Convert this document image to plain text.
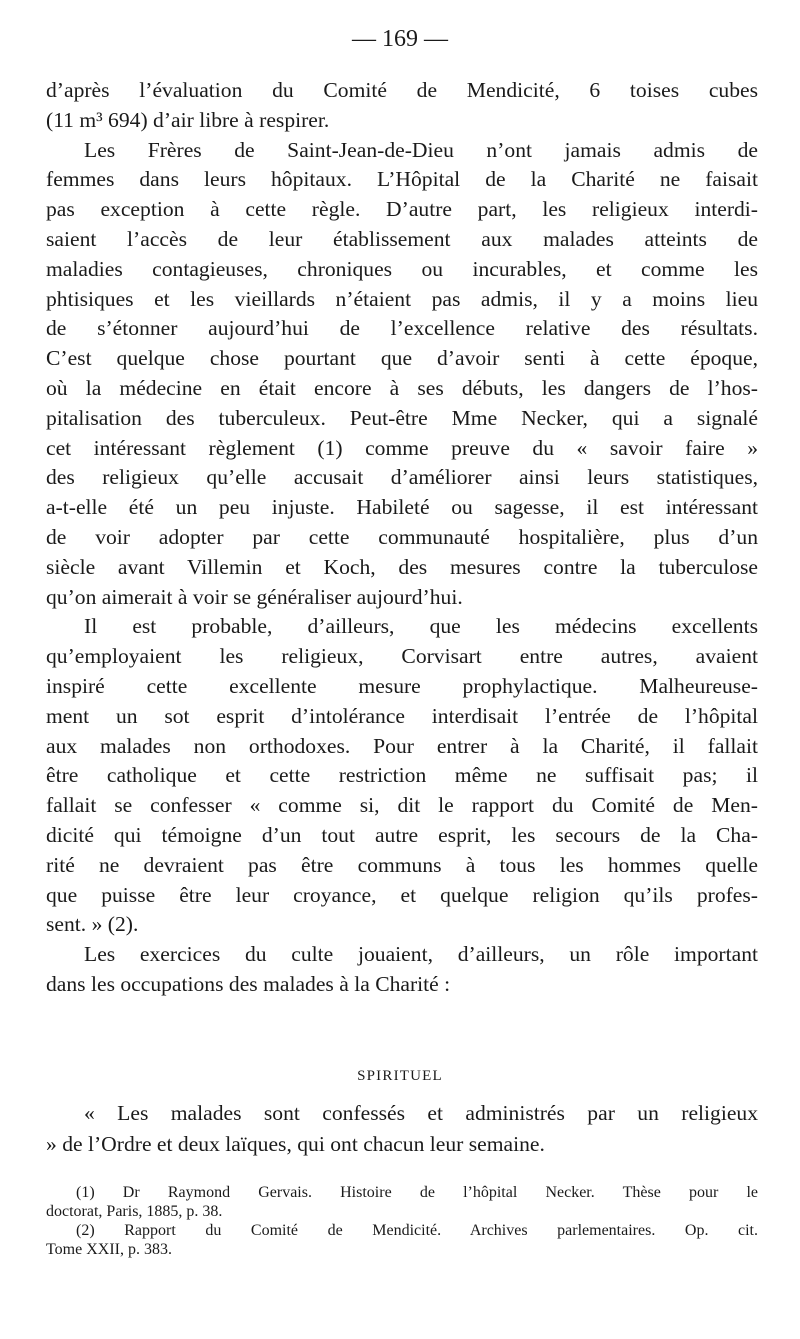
— 169 —
d’après l’évaluation du Comité de Mendicité, 6 toises cubes
(11 m³ 694) d’air libre à respirer.
Les Frères de Saint-Jean-de-Dieu n’ont jamais admis de
femmes dans leurs hôpitaux. L’Hôpital de la Charité ne faisait
pas exception à cette règle. D’autre part, les religieux interdi-
saient l’accès de leur établissement aux malades atteints de
maladies contagieuses, chroniques ou incurables, et comme les
phtisiques et les vieillards n’étaient pas admis, il y a moins lieu
de s’étonner aujourd’hui de l’excellence relative des résultats.
C’est quelque chose pourtant que d’avoir senti à cette époque,
où la médecine en était encore à ses débuts, les dangers de l’hos-
pitalisation des tuberculeux. Peut-être Mme Necker, qui a signalé
cet intéressant règlement (1) comme preuve du « savoir faire »
des religieux qu’elle accusait d’améliorer ainsi leurs statistiques,
a-t-elle été un peu injuste. Habileté ou sagesse, il est intéressant
de voir adopter par cette communauté hospitalière, plus d’un
siècle avant Villemin et Koch, des mesures contre la tuberculose
qu’on aimerait à voir se généraliser aujourd’hui.
Il est probable, d’ailleurs, que les médecins excellents
qu’employaient les religieux, Corvisart entre autres, avaient
inspiré cette excellente mesure prophylactique. Malheureuse-
ment un sot esprit d’intolérance interdisait l’entrée de l’hôpital
aux malades non orthodoxes. Pour entrer à la Charité, il fallait
être catholique et cette restriction même ne suffisait pas; il
fallait se confesser « comme si, dit le rapport du Comité de Men-
dicité qui témoigne d’un tout autre esprit, les secours de la Cha-
rité ne devraient pas être communs à tous les hommes quelle
que puisse être leur croyance, et quelque religion qu’ils profes-
sent. » (2).
Les exercices du culte jouaient, d’ailleurs, un rôle important
dans les occupations des malades à la Charité :
SPIRITUEL
« Les malades sont confessés et administrés par un religieux
» de l’Ordre et deux laïques, qui ont chacun leur semaine.
(1) Dr Raymond Gervais. Histoire de l’hôpital Necker. Thèse pour le
doctorat, Paris, 1885, p. 38.
(2) Rapport du Comité de Mendicité. Archives parlementaires. Op. cit.
Tome XXII, p. 383.
